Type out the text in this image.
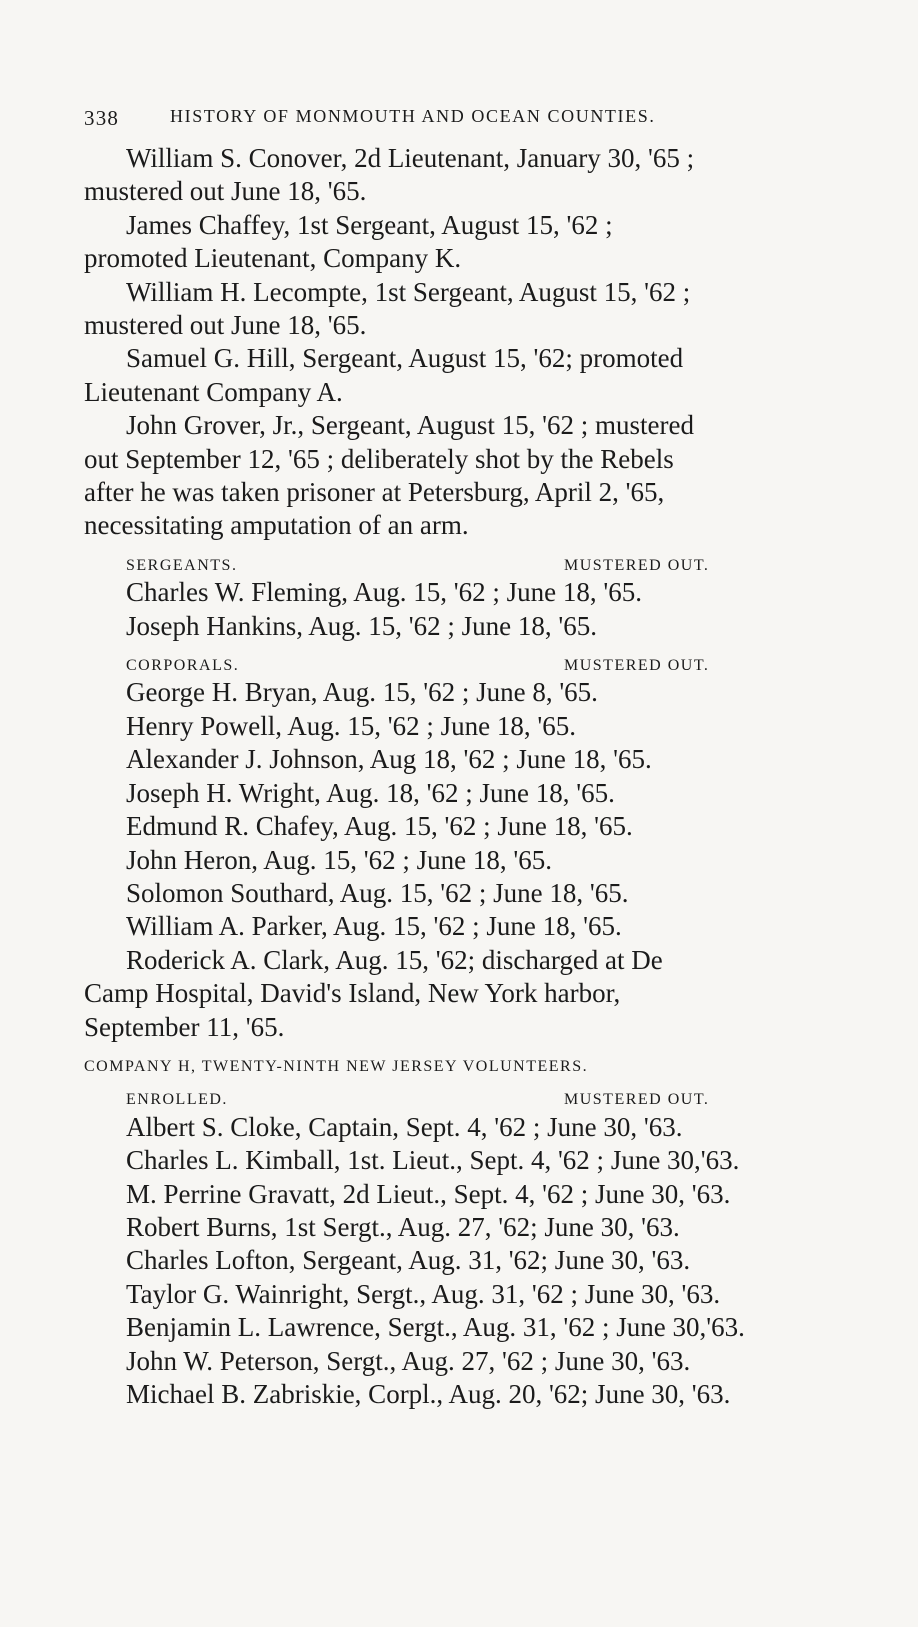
338	HISTORY OF MONMOUTH AND OCEAN COUNTIES.

William S. Conover, 2d Lieutenant, January 30, '65 ;

mustered out June 18, '65.

James Chaffey, 1st Sergeant, August 15, '62 ;

promoted Lieutenant, Company K.

William H. Lecompte, 1st Sergeant, August 15, '62 ;

mustered out June 18, '65.

Samuel G. Hill, Sergeant, August 15, '62; promoted

Lieutenant Company A.

John Grover, Jr., Sergeant, August 15, '62 ; mustered

out September 12, '65 ; deliberately shot by the Rebels

after he was taken prisoner at Petersburg, April 2, '65,

necessitating amputation of an arm.

SERGEANTS.	MUSTERED OUT.

Charles W. Fleming, Aug. 15, '62 ; June 18, '65.

Joseph Hankins, Aug. 15, '62 ; June 18, '65.

CORPORALS.	MUSTERED OUT.

George H. Bryan, Aug. 15, '62 ; June 8, '65.

Henry Powell, Aug. 15, '62 ; June 18, '65.

Alexander J. Johnson, Aug 18, '62 ; June 18, '65.

Joseph H. Wright, Aug. 18, '62 ; June 18, '65.

Edmund R. Chafey, Aug. 15, '62 ; June 18, '65.

John Heron, Aug. 15, '62 ; June 18, '65.

Solomon Southard, Aug. 15, '62 ; June 18, '65.

William A. Parker, Aug. 15, '62 ; June 18, '65.

Roderick A. Clark, Aug. 15, '62; discharged at De

Camp Hospital, David's Island, New York harbor,

September 11, '65.

COMPANY H, TWENTY-NINTH NEW JERSEY VOLUNTEERS.

ENROLLED.	MUSTERED OUT.

Albert S. Cloke, Captain, Sept. 4, '62 ; June 30, '63.

Charles L. Kimball, 1st. Lieut., Sept. 4, '62 ; June 30,'63.

M. Perrine Gravatt, 2d Lieut., Sept. 4, '62 ; June 30, '63.

Robert Burns, 1st Sergt., Aug. 27, '62; June 30, '63.

Charles Lofton, Sergeant, Aug. 31, '62; June 30, '63.

Taylor G. Wainright, Sergt., Aug. 31, '62 ; June 30, '63.

Benjamin L. Lawrence, Sergt., Aug. 31, '62 ; June 30,'63.

John W. Peterson, Sergt., Aug. 27, '62 ; June 30, '63.

Michael B. Zabriskie, Corpl., Aug. 20, '62; June 30, '63.
